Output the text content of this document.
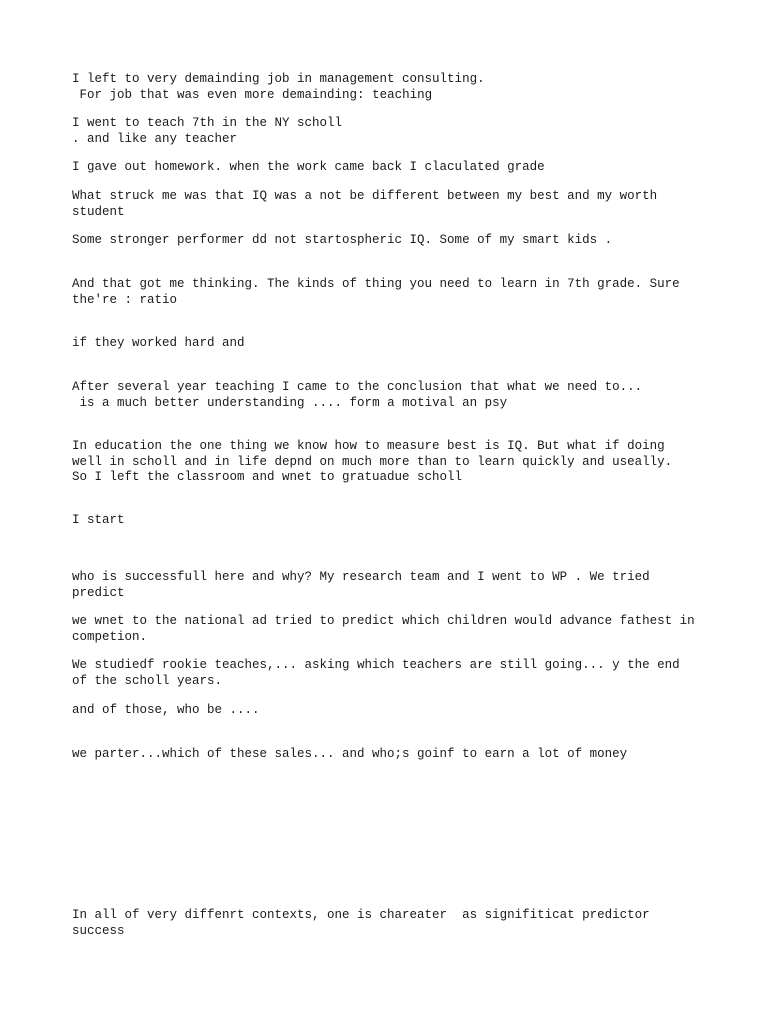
I left to very demainding job in management consulting.
For job that was even more demainding: teaching

I went to teach 7th in the NY scholl
. and like any teacher

I gave out homework. when the work came back I claculated grade

What struck me was that IQ was a not be different between my best and my worth
student

Some stronger performer dd not startospheric IQ. Some of my smart kids .

And that got me thinking. The kinds of thing you need to learn in 7th grade. Sure
the're : ratio

if they worked hard and

After several year teaching I came to the conclusion that what we need to...
is a much better understanding .... form a motival an psy

In education the one thing we know how to measure best is IQ. But what if doing
well in scholl and in life depnd on much more than to learn quickly and useally.
So I left the classroom and wnet to gratuadue scholl

I start

who is successfull here and why? My research team and I went to WP . We tried
predict

we wnet to the national ad tried to predict which children would advance fathest in
competion.

We studiedf rookie teaches,... asking which teachers are still going... y the end
of the scholl years.

and of those, who be ....

we parter...which of these sales... and who;s goinf to earn a lot of money

In all of very diffenrt contexts, one is chareater  as signifiticat predictor
success
